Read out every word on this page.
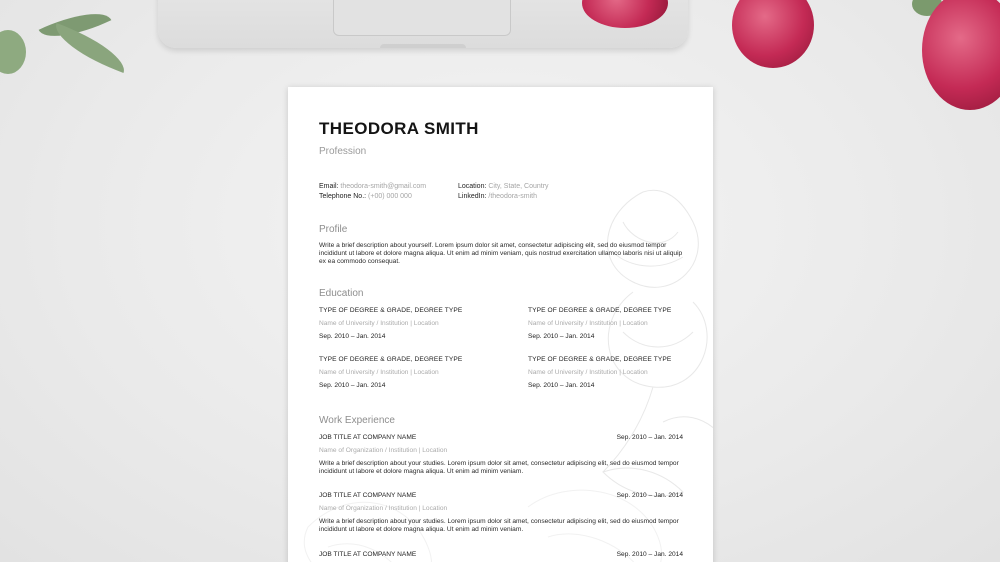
THEODORA SMITH
Profession
Email: theodora-smith@gmail.com
Telephone No.: (+00) 000 000
Location: City, State, Country
LinkedIn: /theodora-smith
Profile
Write a brief description about yourself. Lorem ipsum dolor sit amet, consectetur adipiscing elit, sed do eiusmod tempor incididunt ut labore et dolore magna aliqua. Ut enim ad minim veniam, quis nostrud exercitation ullamco laboris nisi ut aliquip ex ea commodo consequat.
Education
TYPE OF DEGREE & GRADE, DEGREE TYPE
Name of University / Institution | Location
Sep. 2010 – Jan. 2014
TYPE OF DEGREE & GRADE, DEGREE TYPE
Name of University / Institution | Location
Sep. 2010 – Jan. 2014
TYPE OF DEGREE & GRADE, DEGREE TYPE
Name of University / Institution | Location
Sep. 2010 – Jan. 2014
TYPE OF DEGREE & GRADE, DEGREE TYPE
Name of University / Institution | Location
Sep. 2010 – Jan. 2014
Work Experience
JOB TITLE AT COMPANY NAME	Sep. 2010 – Jan. 2014
Name of Organization / Institution | Location
Write a brief description about your studies. Lorem ipsum dolor sit amet, consectetur adipiscing elit, sed do eiusmod tempor incididunt ut labore et dolore magna aliqua. Ut enim ad minim veniam.
JOB TITLE AT COMPANY NAME	Sep. 2010 – Jan. 2014
Name of Organization / Institution | Location
Write a brief description about your studies. Lorem ipsum dolor sit amet, consectetur adipiscing elit, sed do eiusmod tempor incididunt ut labore et dolore magna aliqua. Ut enim ad minim veniam.
JOB TITLE AT COMPANY NAME	Sep. 2010 – Jan. 2014
